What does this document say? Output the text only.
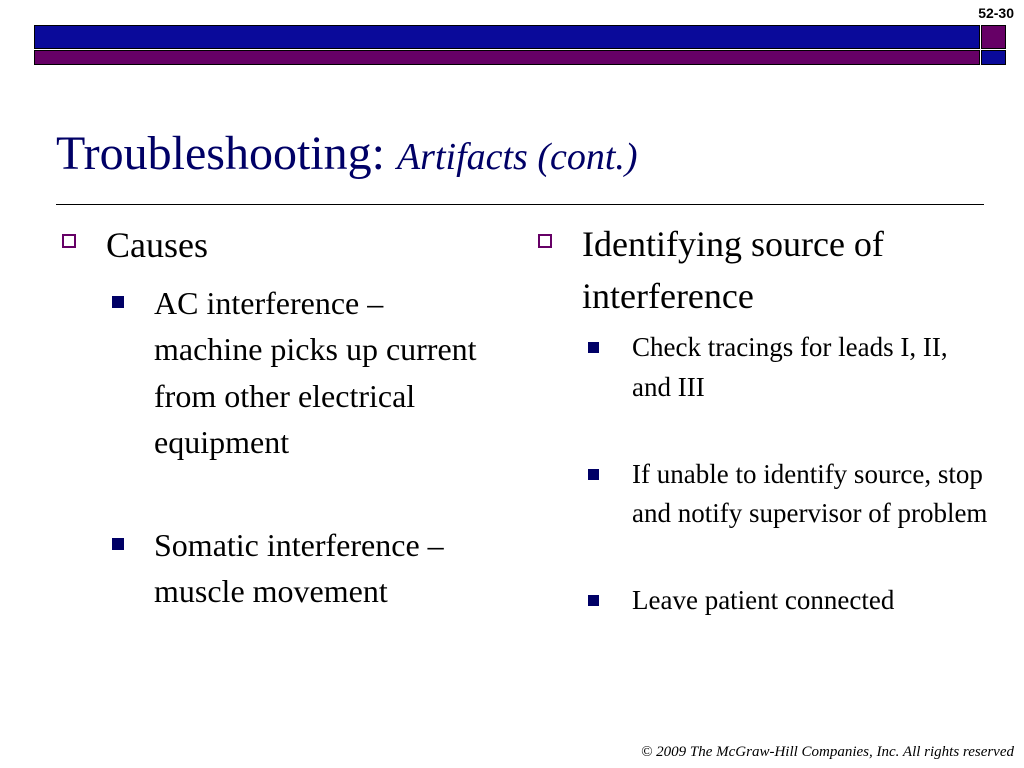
52-30
Troubleshooting: Artifacts (cont.)
Causes
AC interference – machine picks up current from other electrical equipment
Somatic interference – muscle movement
Identifying source of interference
Check tracings for leads I, II, and III
If unable to identify source, stop and notify supervisor of problem
Leave patient connected
© 2009 The McGraw-Hill Companies, Inc. All rights reserved
